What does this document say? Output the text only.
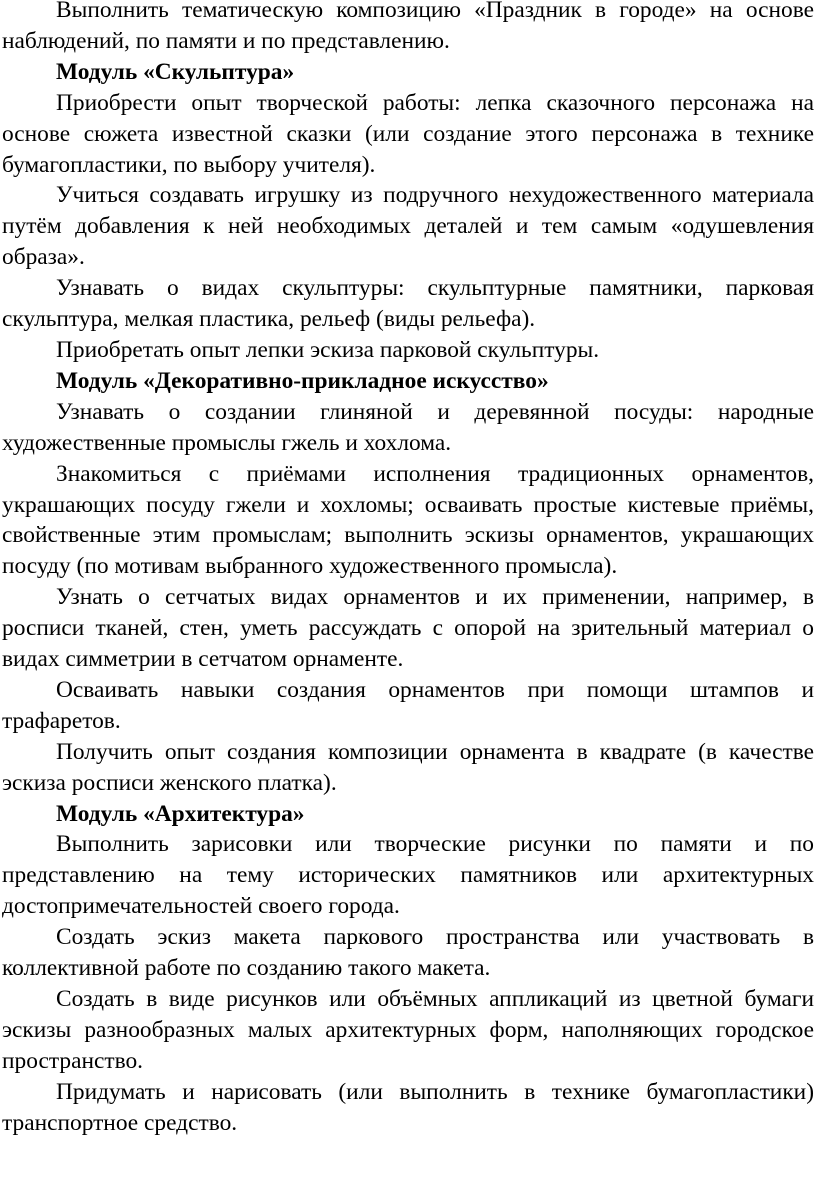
Выполнить тематическую композицию «Праздник в городе» на основе наблюдений, по памяти и по представлению.

Модуль «Скульптура»

Приобрести опыт творческой работы: лепка сказочного персонажа на основе сюжета известной сказки (или создание этого персонажа в технике бумагопластики, по выбору учителя).

Учиться создавать игрушку из подручного нехудожественного материала путём добавления к ней необходимых деталей и тем самым «одушевления образа».

Узнавать о видах скульптуры: скульптурные памятники, парковая скульптура, мелкая пластика, рельеф (виды рельефа).

Приобретать опыт лепки эскиза парковой скульптуры.

Модуль «Декоративно-прикладное искусство»

Узнавать о создании глиняной и деревянной посуды: народные художественные промыслы гжель и хохлома.

Знакомиться с приёмами исполнения традиционных орнаментов, украшающих посуду гжели и хохломы; осваивать простые кистевые приёмы, свойственные этим промыслам; выполнить эскизы орнаментов, украшающих посуду (по мотивам выбранного художественного промысла).

Узнать о сетчатых видах орнаментов и их применении, например, в росписи тканей, стен, уметь рассуждать с опорой на зрительный материал о видах симметрии в сетчатом орнаменте.

Осваивать навыки создания орнаментов при помощи штампов и трафаретов.

Получить опыт создания композиции орнамента в квадрате (в качестве эскиза росписи женского платка).

Модуль «Архитектура»

Выполнить зарисовки или творческие рисунки по памяти и по представлению на тему исторических памятников или архитектурных достопримечательностей своего города.

Создать эскиз макета паркового пространства или участвовать в коллективной работе по созданию такого макета.

Создать в виде рисунков или объёмных аппликаций из цветной бумаги эскизы разнообразных малых архитектурных форм, наполняющих городское пространство.

Придумать и нарисовать (или выполнить в технике бумагопластики) транспортное средство.
